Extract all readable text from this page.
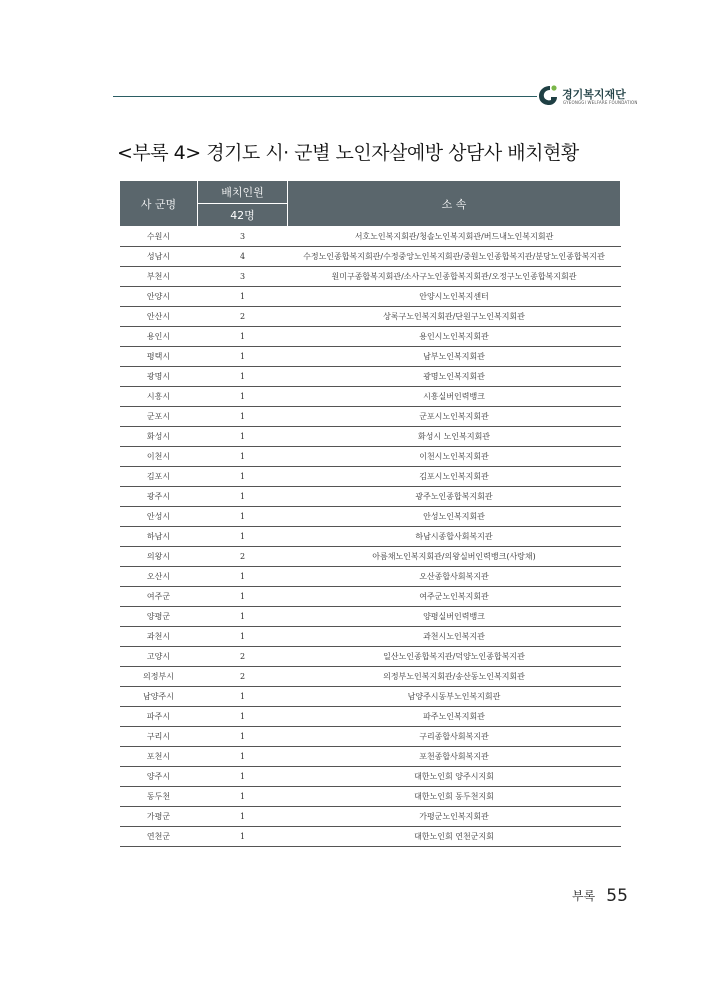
경기복지재단
GYEONGGI WELFARE FOUNDATION
<부록 4> 경기도 시· 군별 노인자살예방 상담사 배치현황
사 군명	배치인원	소 속
	42명	
수원시	3	서호노인복지회관/청솔노인복지회관/버드내노인복지회관
성남시	4	수정노인종합복지회관/수정중앙노인복지회관/중원노인종합복지관/분당노인종합복지관
부천시	3	원미구종합복지회관/소사구노인종합복지회관/오정구노인종합복지회관
안양시	1	안양시노인복지센터
안산시	2	상록구노인복지회관/단원구노인복지회관
용인시	1	용인시노인복지회관
평택시	1	남부노인복지회관
광명시	1	광명노인복지회관
시흥시	1	시흥실버인력뱅크
군포시	1	군포시노인복지회관
화성시	1	화성시 노인복지회관
이천시	1	이천시노인복지회관
김포시	1	김포시노인복지회관
광주시	1	광주노인종합복지회관
안성시	1	안성노인복지회관
하남시	1	하남시종합사회복지관
의왕시	2	아름채노인복지회관/의왕실버인력뱅크(사랑채)
오산시	1	오산종합사회복지관
여주군	1	여주군노인복지회관
양평군	1	양평실버인력뱅크
과천시	1	과천시노인복지관
고양시	2	일산노인종합복지관/덕양노인종합복지관
의정부시	2	의정부노인복지회관/송산동노인복지회관
남양주시	1	남양주시동부노인복지회관
파주시	1	파주노인복지회관
구리시	1	구리종합사회복지관
포천시	1	포천종합사회복지관
양주시	1	대한노인회 양주시지회
동두천	1	대한노인회 동두천지회
가평군	1	가평군노인복지회관
연천군	1	대한노인회 연천군지회
부록 55
